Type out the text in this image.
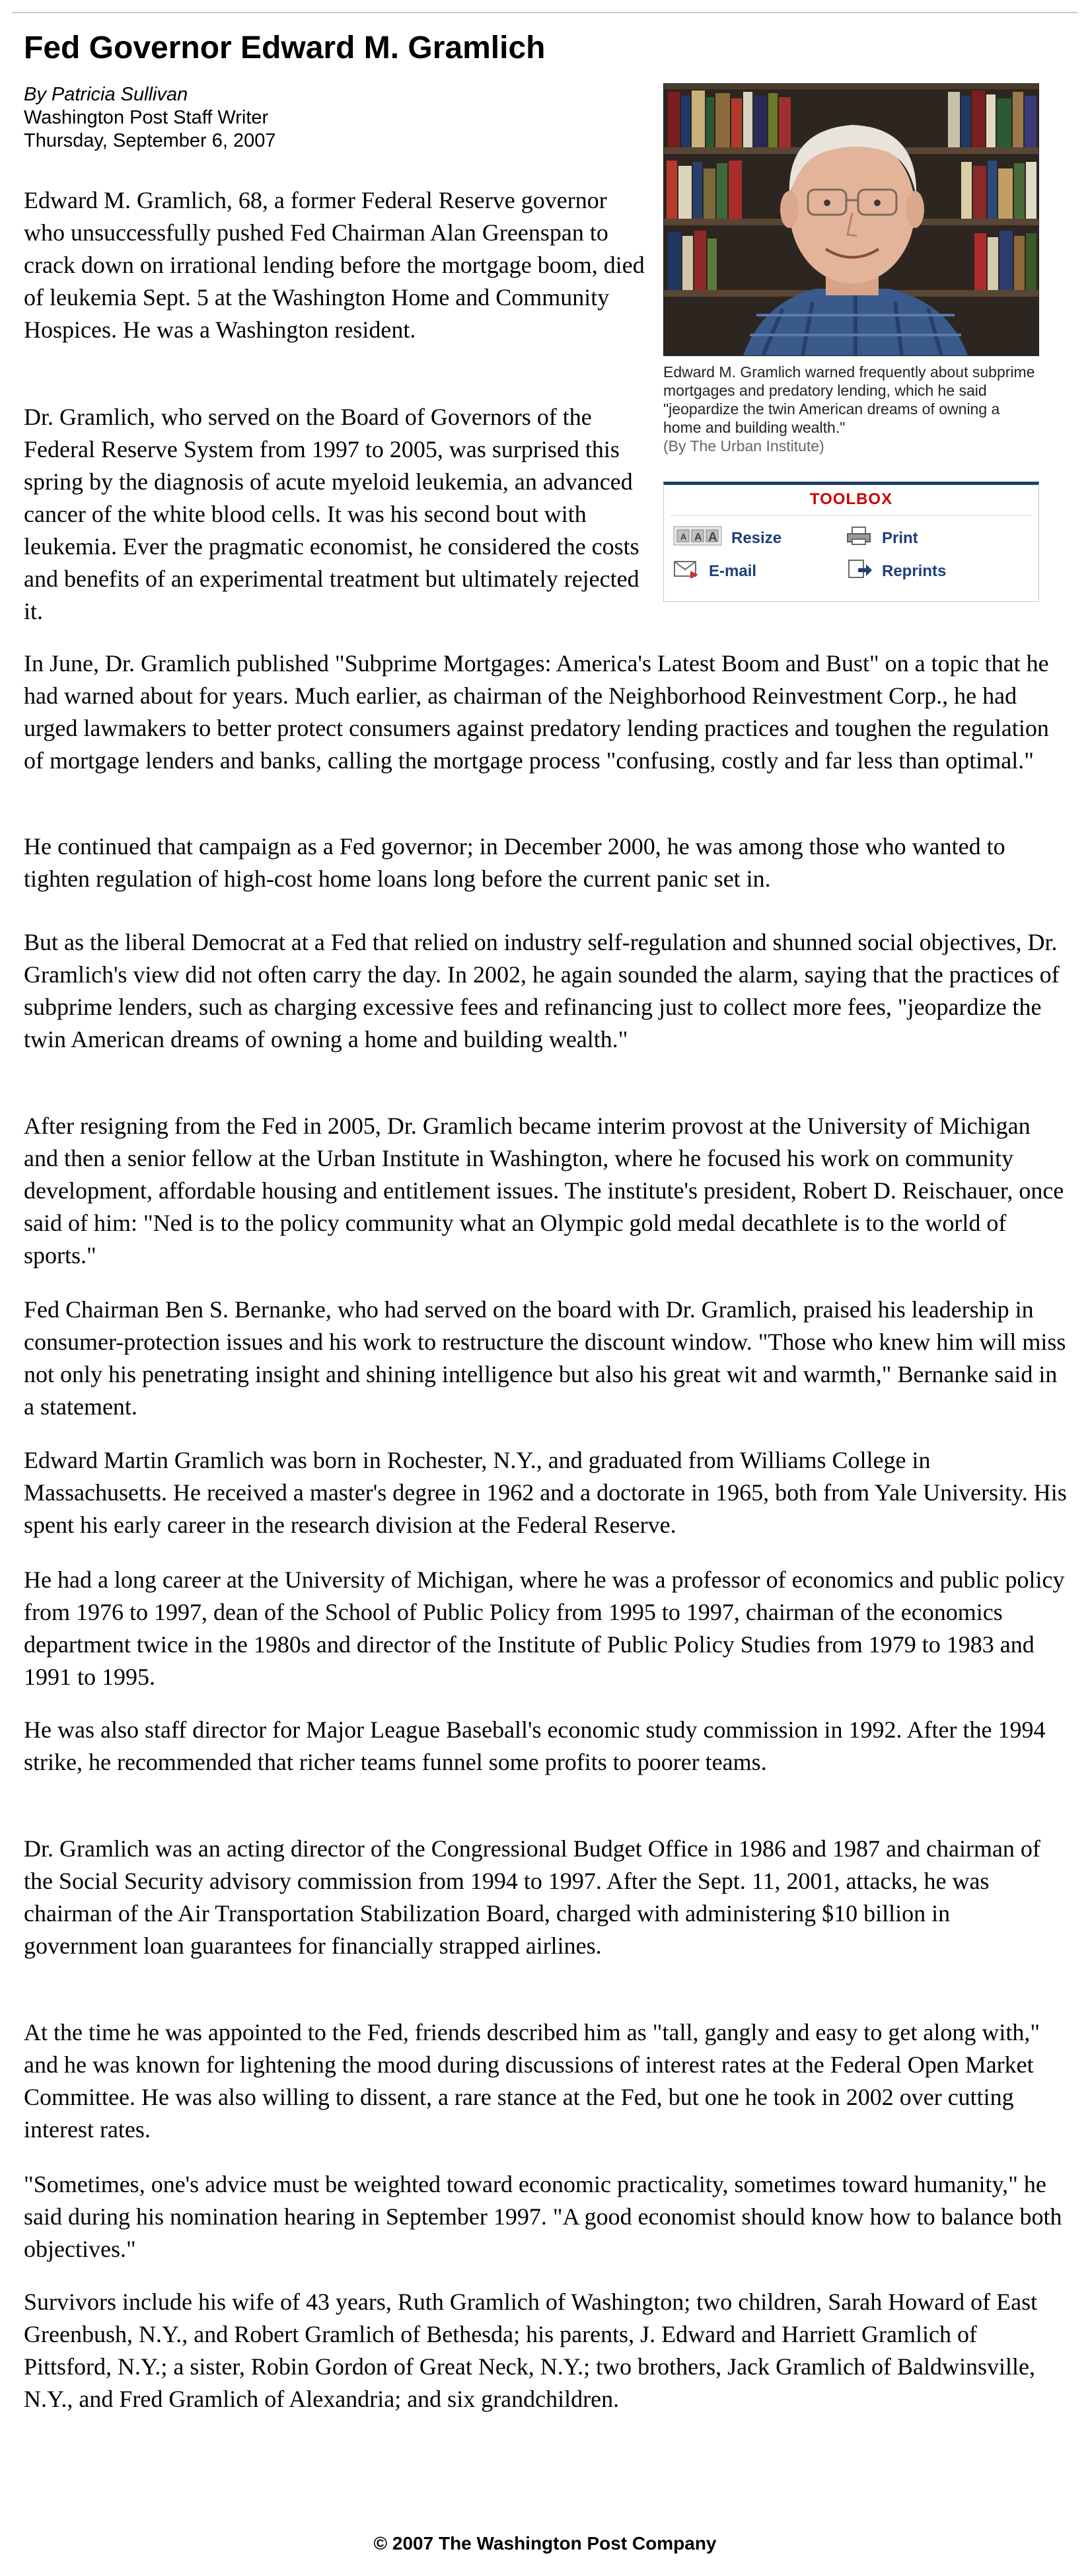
Fed Governor Edward M. Gramlich
By Patricia Sullivan
Washington Post Staff Writer
Thursday, September 6, 2007
Edward M. Gramlich warned frequently about subprime mortgages and predatory lending, which he said "jeopardize the twin American dreams of owning a home and building wealth."
(By The Urban Institute)
TOOLBOX
A A A Resize	Print
E-mail	Reprints

Edward M. Gramlich, 68, a former Federal Reserve governor who unsuccessfully pushed Fed Chairman Alan Greenspan to crack down on irrational lending before the mortgage boom, died of leukemia Sept. 5 at the Washington Home and Community Hospices. He was a Washington resident.

Dr. Gramlich, who served on the Board of Governors of the Federal Reserve System from 1997 to 2005, was surprised this spring by the diagnosis of acute myeloid leukemia, an advanced cancer of the white blood cells. It was his second bout with leukemia. Ever the pragmatic economist, he considered the costs and benefits of an experimental treatment but ultimately rejected it.

In June, Dr. Gramlich published "Subprime Mortgages: America's Latest Boom and Bust" on a topic that he had warned about for years. Much earlier, as chairman of the Neighborhood Reinvestment Corp., he had urged lawmakers to better protect consumers against predatory lending practices and toughen the regulation of mortgage lenders and banks, calling the mortgage process "confusing, costly and far less than optimal."

He continued that campaign as a Fed governor; in December 2000, he was among those who wanted to tighten regulation of high-cost home loans long before the current panic set in.

But as the liberal Democrat at a Fed that relied on industry self-regulation and shunned social objectives, Dr. Gramlich's view did not often carry the day. In 2002, he again sounded the alarm, saying that the practices of subprime lenders, such as charging excessive fees and refinancing just to collect more fees, "jeopardize the twin American dreams of owning a home and building wealth."

After resigning from the Fed in 2005, Dr. Gramlich became interim provost at the University of Michigan and then a senior fellow at the Urban Institute in Washington, where he focused his work on community development, affordable housing and entitlement issues. The institute's president, Robert D. Reischauer, once said of him: "Ned is to the policy community what an Olympic gold medal decathlete is to the world of sports."

Fed Chairman Ben S. Bernanke, who had served on the board with Dr. Gramlich, praised his leadership in consumer-protection issues and his work to restructure the discount window. "Those who knew him will miss not only his penetrating insight and shining intelligence but also his great wit and warmth," Bernanke said in a statement.

Edward Martin Gramlich was born in Rochester, N.Y., and graduated from Williams College in Massachusetts. He received a master's degree in 1962 and a doctorate in 1965, both from Yale University. His spent his early career in the research division at the Federal Reserve.

He had a long career at the University of Michigan, where he was a professor of economics and public policy from 1976 to 1997, dean of the School of Public Policy from 1995 to 1997, chairman of the economics department twice in the 1980s and director of the Institute of Public Policy Studies from 1979 to 1983 and 1991 to 1995.

He was also staff director for Major League Baseball's economic study commission in 1992. After the 1994 strike, he recommended that richer teams funnel some profits to poorer teams.

Dr. Gramlich was an acting director of the Congressional Budget Office in 1986 and 1987 and chairman of the Social Security advisory commission from 1994 to 1997. After the Sept. 11, 2001, attacks, he was chairman of the Air Transportation Stabilization Board, charged with administering $10 billion in government loan guarantees for financially strapped airlines.

At the time he was appointed to the Fed, friends described him as "tall, gangly and easy to get along with," and he was known for lightening the mood during discussions of interest rates at the Federal Open Market Committee. He was also willing to dissent, a rare stance at the Fed, but one he took in 2002 over cutting interest rates.

"Sometimes, one's advice must be weighted toward economic practicality, sometimes toward humanity," he said during his nomination hearing in September 1997. "A good economist should know how to balance both objectives."

Survivors include his wife of 43 years, Ruth Gramlich of Washington; two children, Sarah Howard of East Greenbush, N.Y., and Robert Gramlich of Bethesda; his parents, J. Edward and Harriett Gramlich of Pittsford, N.Y.; a sister, Robin Gordon of Great Neck, N.Y.; two brothers, Jack Gramlich of Baldwinsville, N.Y., and Fred Gramlich of Alexandria; and six grandchildren.

© 2007 The Washington Post Company
